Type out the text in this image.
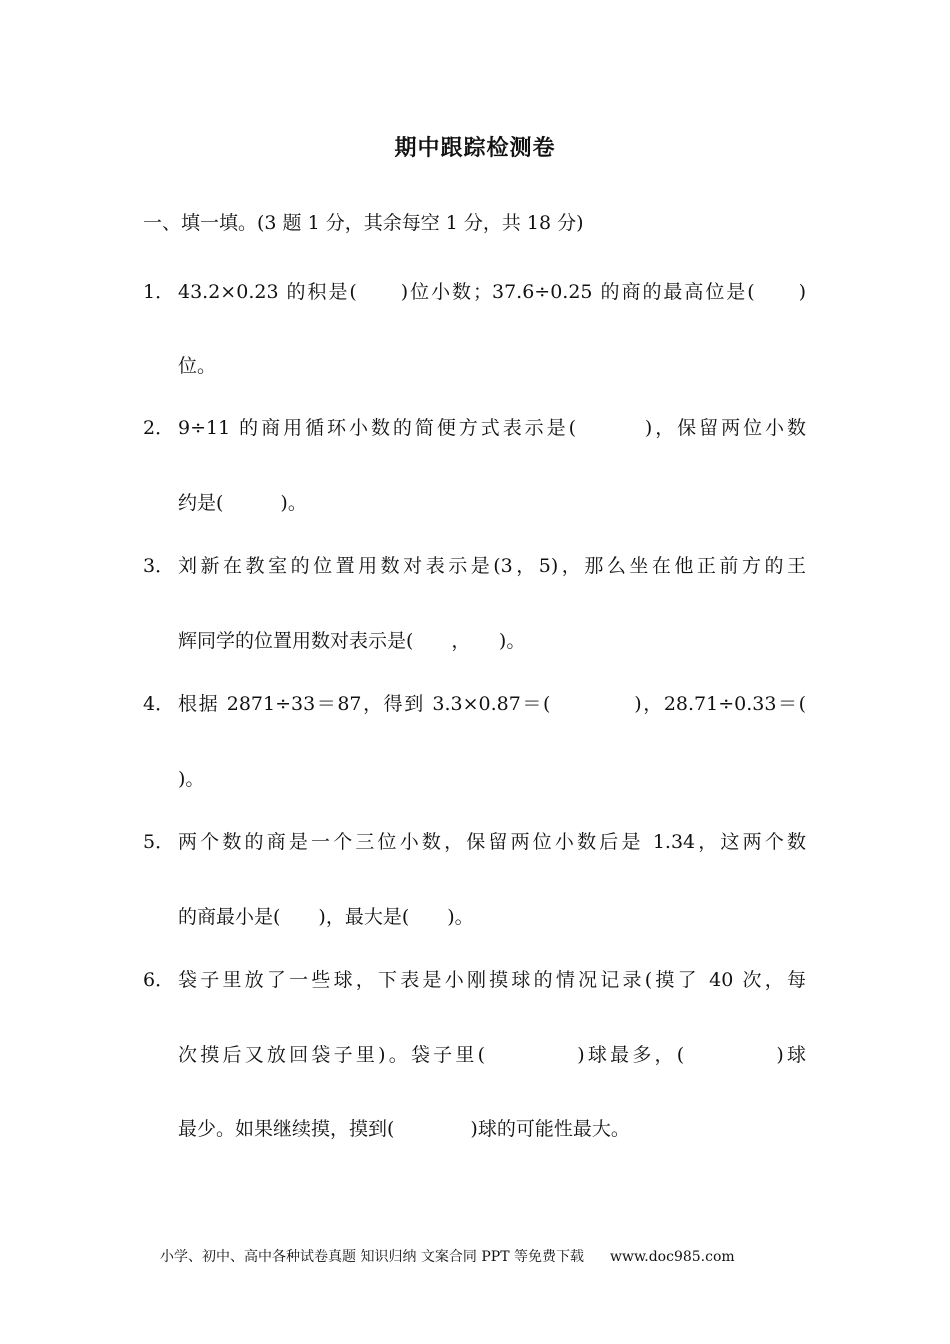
期中跟踪检测卷
一、填一填。(3 题 1 分，其余每空 1 分，共 18 分)
1． 43.2×0.23 的积是(　　)位小数；37.6÷0.25 的商的最高位是(　　)
位。
2． 9÷11 的商用循环小数的简便方式表示是(　　　)，保留两位小数
约是(　　　)。
3． 刘新在教室的位置用数对表示是(3，5)，那么坐在他正前方的王
辉同学的位置用数对表示是(　　，　　)。
4． 根据 2871÷33＝87，得到 3.3×0.87＝(　　　　)，28.71÷0.33＝(
)。
5． 两个数的商是一个三位小数，保留两位小数后是 1.34，这两个数
的商最小是(　　)，最大是(　　)。
6． 袋子里放了一些球，下表是小刚摸球的情况记录(摸了 40 次，每
次摸后又放回袋子里)。袋子里(　　　　)球最多，(　　　　)球
最少。如果继续摸，摸到(　　　　)球的可能性最大。
小学、初中、高中各种试卷真题 知识归纳 文案合同 PPT 等免费下载 www.doc985.com
